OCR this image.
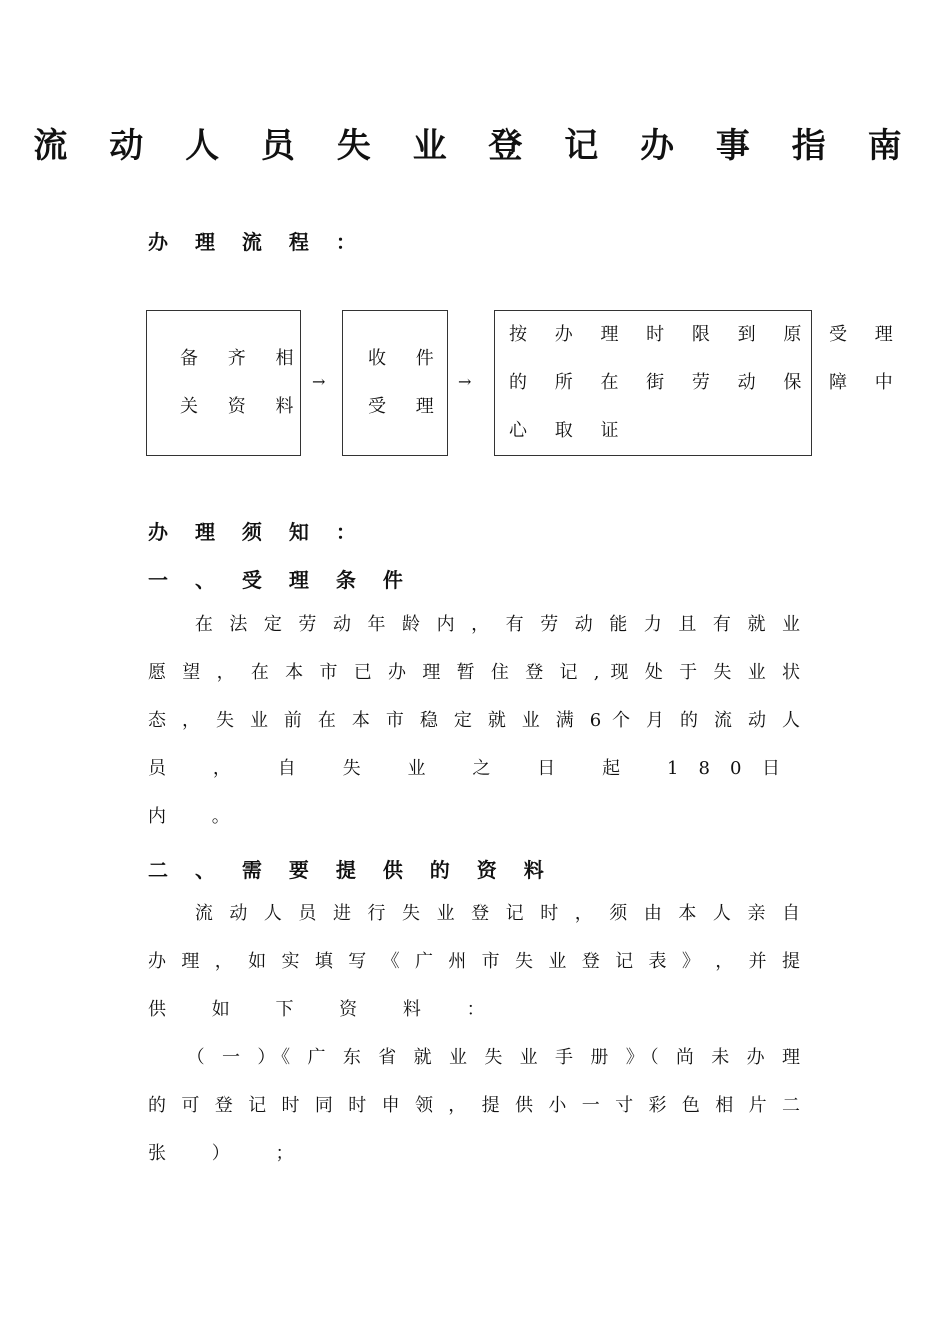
流 动 人 员 失 业 登 记 办 事 指 南
办 理 流 程 ：
备 齐 相
关 资 料
→
收 件
受 理
→
按 办 理 时 限 到 原 受 理
的 所 在 街 劳 动 保 障 中
心 取 证
办 理 须 知 ：
一 、 受 理 条 件
　　在 法 定 劳 动 年 龄 内 ， 有 劳 动 能 力 且 有 就 业
愿 望 ， 在 本 市 已 办 理 暂 住 登 记 , 现 处 于 失 业 状
态 ， 失 业 前 在 本 市 稳 定 就 业 满 6 个 月 的 流 动 人
员 ， 自 失 业 之 日 起 180日 内 。
二 、 需 要 提 供 的 资 料
　　流 动 人 员 进 行 失 业 登 记 时 ， 须 由 本 人 亲 自
办 理 ， 如 实 填 写 《 广 州 市 失 业 登 记 表 》 ， 并 提
供 如 下 资 料 ：
　　（ 一 ）《 广 东 省 就 业 失 业 手 册 》（ 尚 未 办 理
的 可 登 记 时 同 时 申 领 ， 提 供 小 一 寸 彩 色 相 片 二
张 ） ；
